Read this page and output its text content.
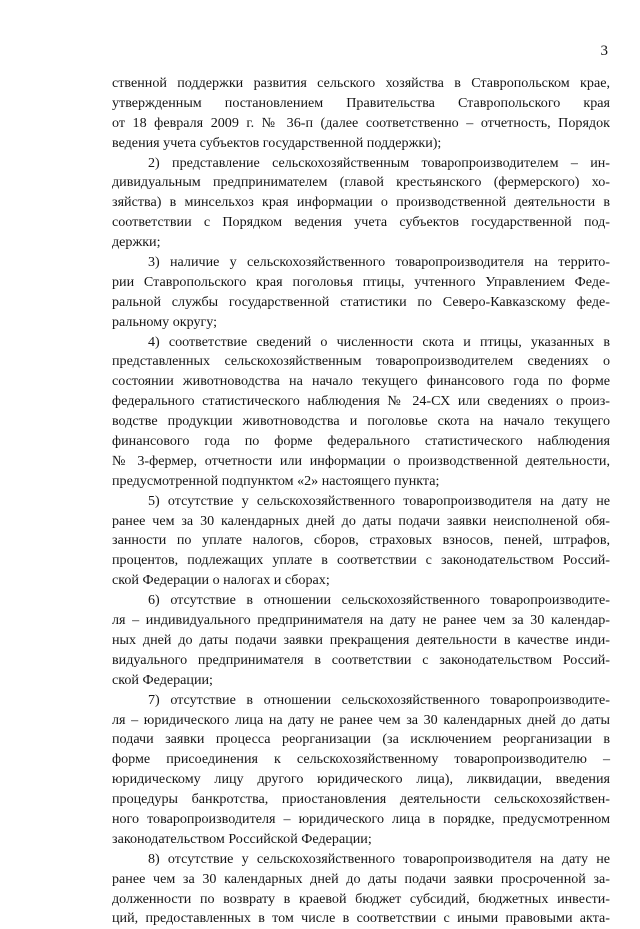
3
ственной поддержки развития сельского хозяйства в Ставропольском крае,
утвержденным постановлением Правительства Ставропольского края
от 18 февраля 2009 г. № 36-п (далее соответственно – отчетность, Порядок
ведения учета субъектов государственной поддержки);
2) представление сельскохозяйственным товаропроизводителем – ин-
дивидуальным предпринимателем (главой крестьянского (фермерского) хо-
зяйства) в минсельхоз края информации о производственной деятельности в
соответствии с Порядком ведения учета субъектов государственной под-
держки;
3) наличие у сельскохозяйственного товаропроизводителя на террито-
рии Ставропольского края поголовья птицы, учтенного Управлением Феде-
ральной службы государственной статистики по Северо-Кавказскому феде-
ральному округу;
4) соответствие сведений о численности скота и птицы, указанных в
представленных сельскохозяйственным товаропроизводителем сведениях о
состоянии животноводства на начало текущего финансового года по форме
федерального статистического наблюдения № 24-СХ или сведениях о произ-
водстве продукции животноводства и поголовье скота на начало текущего
финансового года по форме федерального статистического наблюдения
№ 3-фермер, отчетности или информации о производственной деятельности,
предусмотренной подпунктом «2» настоящего пункта;
5) отсутствие у сельскохозяйственного товаропроизводителя на дату не
ранее чем за 30 календарных дней до даты подачи заявки неисполненой обя-
занности по уплате налогов, сборов, страховых взносов, пеней, штрафов,
процентов, подлежащих уплате в соответствии с законодательством Россий-
ской Федерации о налогах и сборах;
6) отсутствие в отношении сельскохозяйственного товаропроизводите-
ля – индивидуального предпринимателя на дату не ранее чем за 30 календар-
ных дней до даты подачи заявки прекращения деятельности в качестве инди-
видуального предпринимателя в соответствии с законодательством Россий-
ской Федерации;
7) отсутствие в отношении сельскохозяйственного товаропроизводите-
ля – юридического лица на дату не ранее чем за 30 календарных дней до даты
подачи заявки процесса реорганизации (за исключением реорганизации в
форме присоединения к сельскохозяйственному товаропроизводителю –
юридическому лицу другого юридического лица), ликвидации, введения
процедуры банкротства, приостановления деятельности сельскохозяйствен-
ного товаропроизводителя – юридического лица в порядке, предусмотренном
законодательством Российской Федерации;
8) отсутствие у сельскохозяйственного товаропроизводителя на дату не
ранее чем за 30 календарных дней до даты подачи заявки просроченной за-
долженности по возврату в краевой бюджет субсидий, бюджетных инвести-
ций, предоставленных в том числе в соответствии с иными правовыми акта-
